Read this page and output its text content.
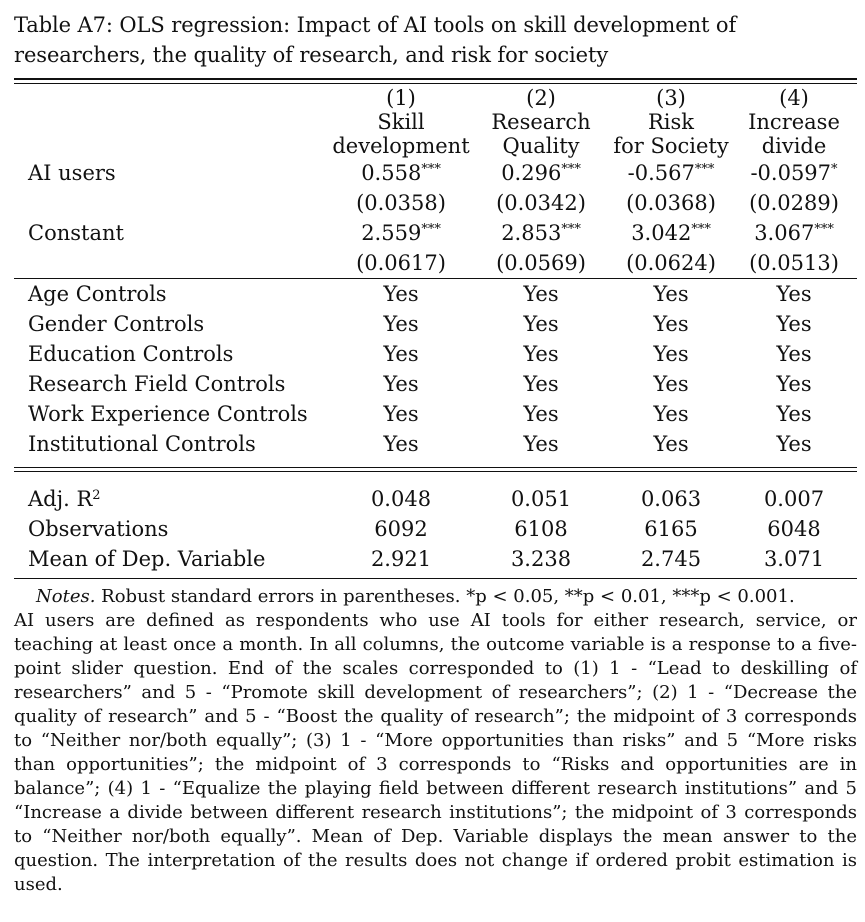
Table A7: OLS regression: Impact of AI tools on skill development of researchers, the quality of research, and risk for society
	(1)	(2)	(3)	(4)
	Skill	Research	Risk	Increase
	development	Quality	for Society	divide
AI users	0.558***	0.296***	-0.567***	-0.0597*
	(0.0358)	(0.0342)	(0.0368)	(0.0289)
Constant	2.559***	2.853***	3.042***	3.067***
	(0.0617)	(0.0569)	(0.0624)	(0.0513)
Age Controls	Yes	Yes	Yes	Yes
Gender Controls	Yes	Yes	Yes	Yes
Education Controls	Yes	Yes	Yes	Yes
Research Field Controls	Yes	Yes	Yes	Yes
Work Experience Controls	Yes	Yes	Yes	Yes
Institutional Controls	Yes	Yes	Yes	Yes

Adj. $R^2$	0.048	0.051	0.063	0.007
Observations	6092	6108	6165	6048
Mean of Dep. Variable	2.921	3.238	2.745	3.071
Notes. Robust standard errors in parentheses. *p < 0.05, **p < 0.01, ***p < 0.001.
AI users are defined as respondents who use AI tools for either research, service, or teaching at least once a month. In all columns, the outcome variable is a response to a five-point slider question. End of the scales corresponded to (1) 1 - “Lead to deskilling of researchers” and 5 - “Promote skill development of researchers”; (2) 1 - “Decrease the quality of research” and 5 - “Boost the quality of research”; the midpoint of 3 corresponds to “Neither nor/both equally”; (3) 1 - “More opportunities than risks” and 5 “More risks than opportunities”; the midpoint of 3 corresponds to “Risks and opportunities are in balance”; (4) 1 - “Equalize the playing field between different research institutions” and 5 “Increase a divide between different research institutions”; the midpoint of 3 corresponds to “Neither nor/both equally”. Mean of Dep. Variable displays the mean answer to the question. The interpretation of the results does not change if ordered probit estimation is used.
